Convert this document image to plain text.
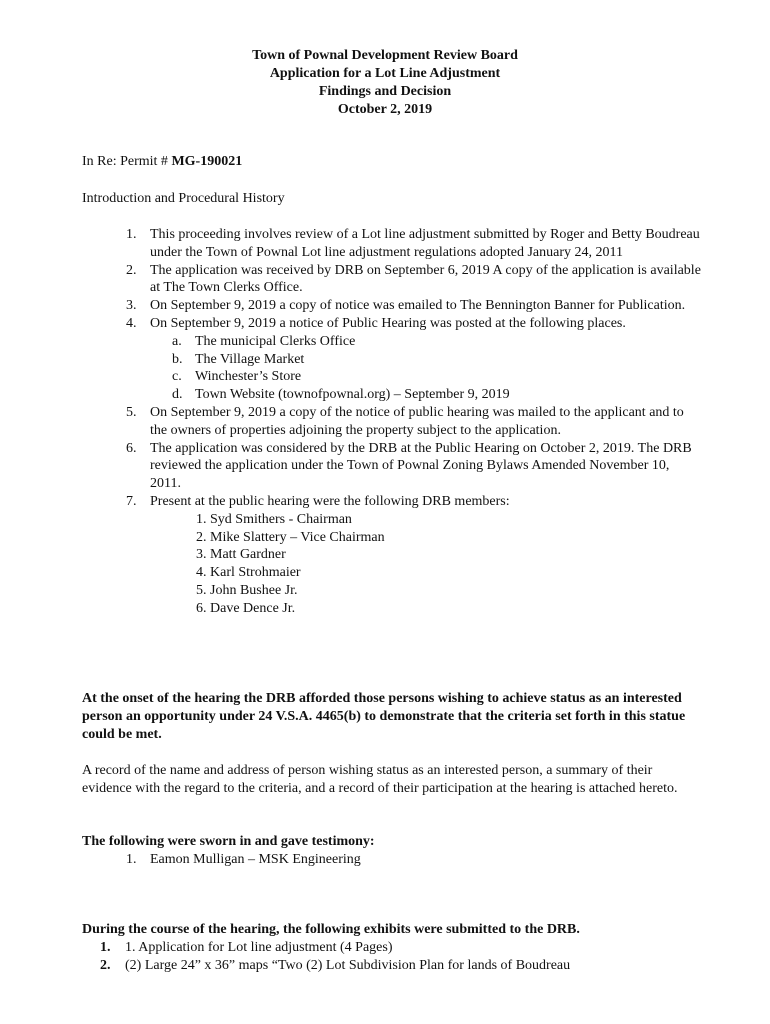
Town of Pownal Development Review Board
Application for a Lot Line Adjustment
Findings and Decision
October 2, 2019
In Re: Permit # MG-190021
Introduction and Procedural History
1. This proceeding involves review of a Lot line adjustment submitted by Roger and Betty Boudreau under the Town of Pownal Lot line adjustment regulations adopted January 24, 2011
2. The application was received by DRB on September 6, 2019 A copy of the application is available at The Town Clerks Office.
3. On September 9, 2019 a copy of notice was emailed to The Bennington Banner for Publication.
4. On September 9, 2019 a notice of Public Hearing was posted at the following places.
a. The municipal Clerks Office
b. The Village Market
c. Winchester’s Store
d. Town Website (townofpownal.org) – September 9, 2019
5. On September 9, 2019 a copy of the notice of public hearing was mailed to the applicant and to the owners of properties adjoining the property subject to the application.
6. The application was considered by the DRB at the Public Hearing on October 2, 2019. The DRB reviewed the application under the Town of Pownal Zoning Bylaws Amended November 10, 2011.
7. Present at the public hearing were the following DRB members:
1. Syd Smithers - Chairman
2. Mike Slattery – Vice Chairman
3. Matt Gardner
4. Karl Strohmaier
5. John Bushee Jr.
6. Dave Dence Jr.
At the onset of the hearing the DRB afforded those persons wishing to achieve status as an interested person an opportunity under 24 V.S.A. 4465(b) to demonstrate that the criteria set forth in this statue could be met.
A record of the name and address of person wishing status as an interested person, a summary of their evidence with the regard to the criteria, and a record of their participation at the hearing is attached hereto.
The following were sworn in and gave testimony:
1. Eamon Mulligan – MSK Engineering
During the course of the hearing, the following exhibits were submitted to the DRB.
1. 1. Application for Lot line adjustment (4 Pages)
2. (2) Large 24” x 36” maps “Two (2) Lot Subdivision Plan for lands of Boudreau
